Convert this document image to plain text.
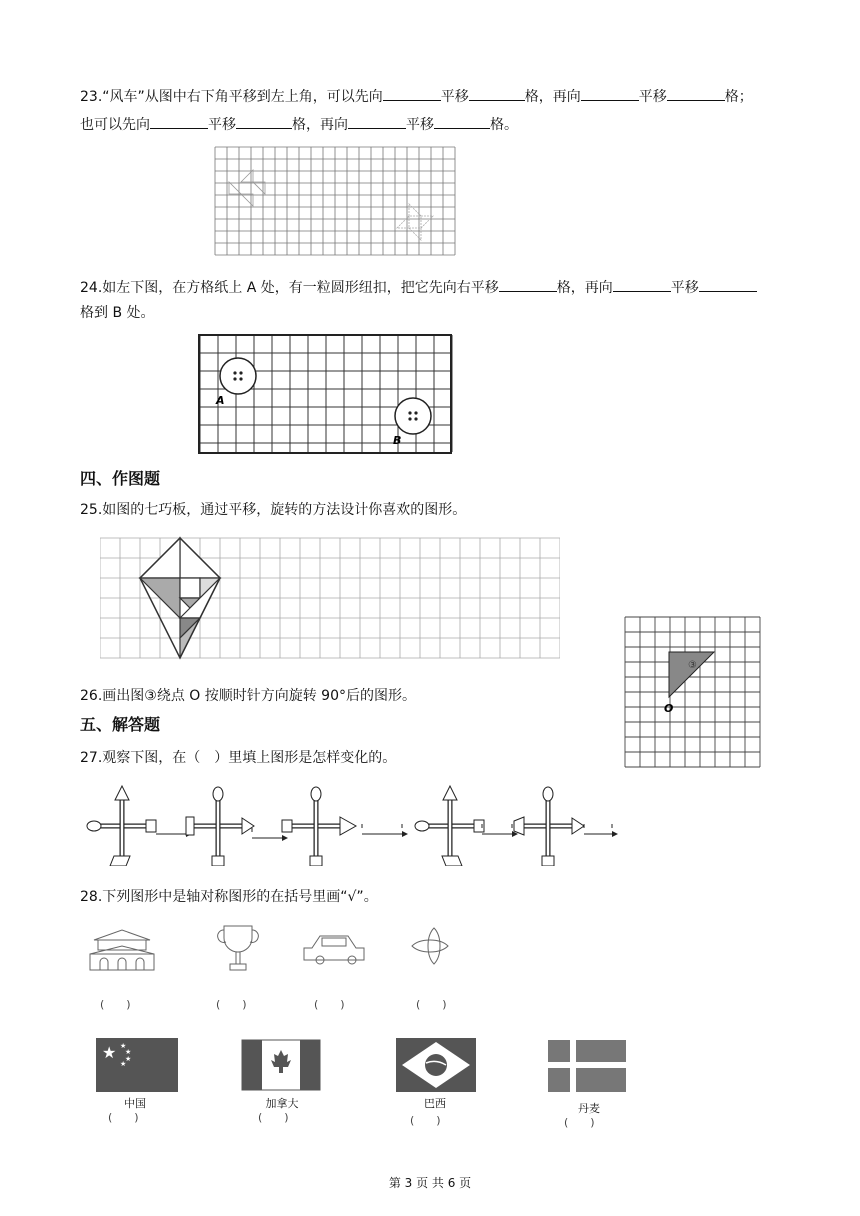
23.“风车”从图中右下角平移到左上角，可以先向	平移	格，再向	平移	格；
也可以先向	平移	格，再向	平移	格。
24.如左下图，在方格纸上 A 处，有一粒圆形纽扣，把它先向右平移	格，再向	平移
格到 B 处。
A
B
四、作图题
25.如图的七巧板，通过平移，旋转的方法设计你喜欢的图形。
③
O
26.画出图③绕点 O 按顺时针方向旋转 90°后的图形。
五、解答题
27.观察下图，在（　）里填上图形是怎样变化的。
28.下列图形中是轴对称图形的在括号里画“√”。
(　　)	(　　)	(　　)	(　　)
★ ★
★
★
★
中国	加拿大	巴西	丹麦
(　　)	(　　)	(　　)	(　　)
第 3 页 共 6 页
